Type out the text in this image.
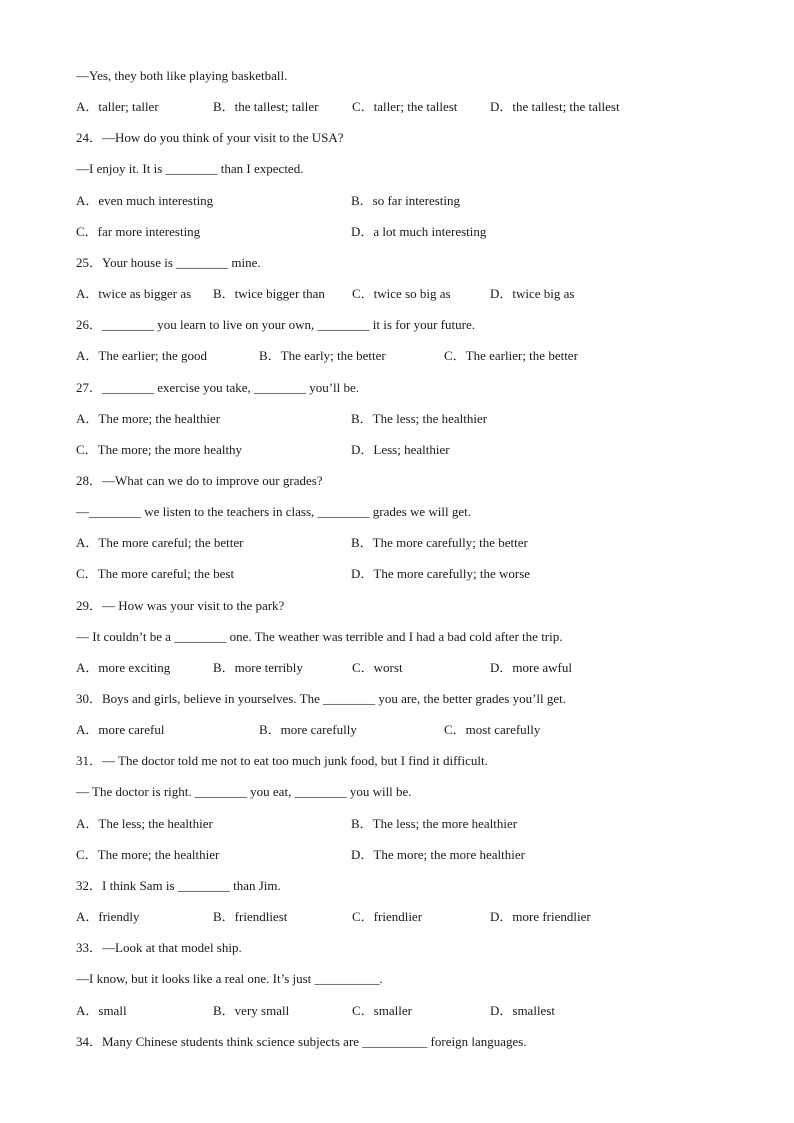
—Yes, they both like playing basketball.
A．taller; taller	B．the tallest; taller	C．taller; the tallest	D．the tallest; the tallest
24．—How do you think of your visit to the USA?
—I enjoy it. It is ________ than I expected.
A．even much interesting	B．so far interesting
C．far more interesting	D．a lot much interesting
25．Your house is ________ mine.
A．twice as bigger as B．twice bigger than C．twice so big as	D．twice big as
26．________ you learn to live on your own, ________ it is for your future.
A．The earlier; the good	B．The early; the better	C．The earlier; the better
27．________ exercise you take, ________ you’ll be.
A．The more; the healthier	B．The less; the healthier
C．The more; the more healthy	D．Less; healthier
28．—What can we do to improve our grades?
—________ we listen to the teachers in class, ________ grades we will get.
A．The more careful; the better	B．The more carefully; the better
C．The more careful; the best	D．The more carefully; the worse
29．— How was your visit to the park?
— It couldn’t be a ________ one. The weather was terrible and I had a bad cold after the trip.
A．more exciting	B．more terribly	C．worst	D．more awful
30．Boys and girls, believe in yourselves. The ________ you are, the better grades you’ll get.
A．more careful	B．more carefully	C．most carefully
31．— The doctor told me not to eat too much junk food, but I find it difficult.
— The doctor is right. ________ you eat, ________ you will be.
A．The less; the healthier	B．The less; the more healthier
C．The more; the healthier	D．The more; the more healthier
32．I think Sam is ________ than Jim.
A．friendly	B．friendliest	C．friendlier	D．more friendlier
33．—Look at that model ship.
—I know, but it looks like a real one. It’s just __________.
A．small	B．very small	C．smaller	D．smallest
34．Many Chinese students think science subjects are __________ foreign languages.
